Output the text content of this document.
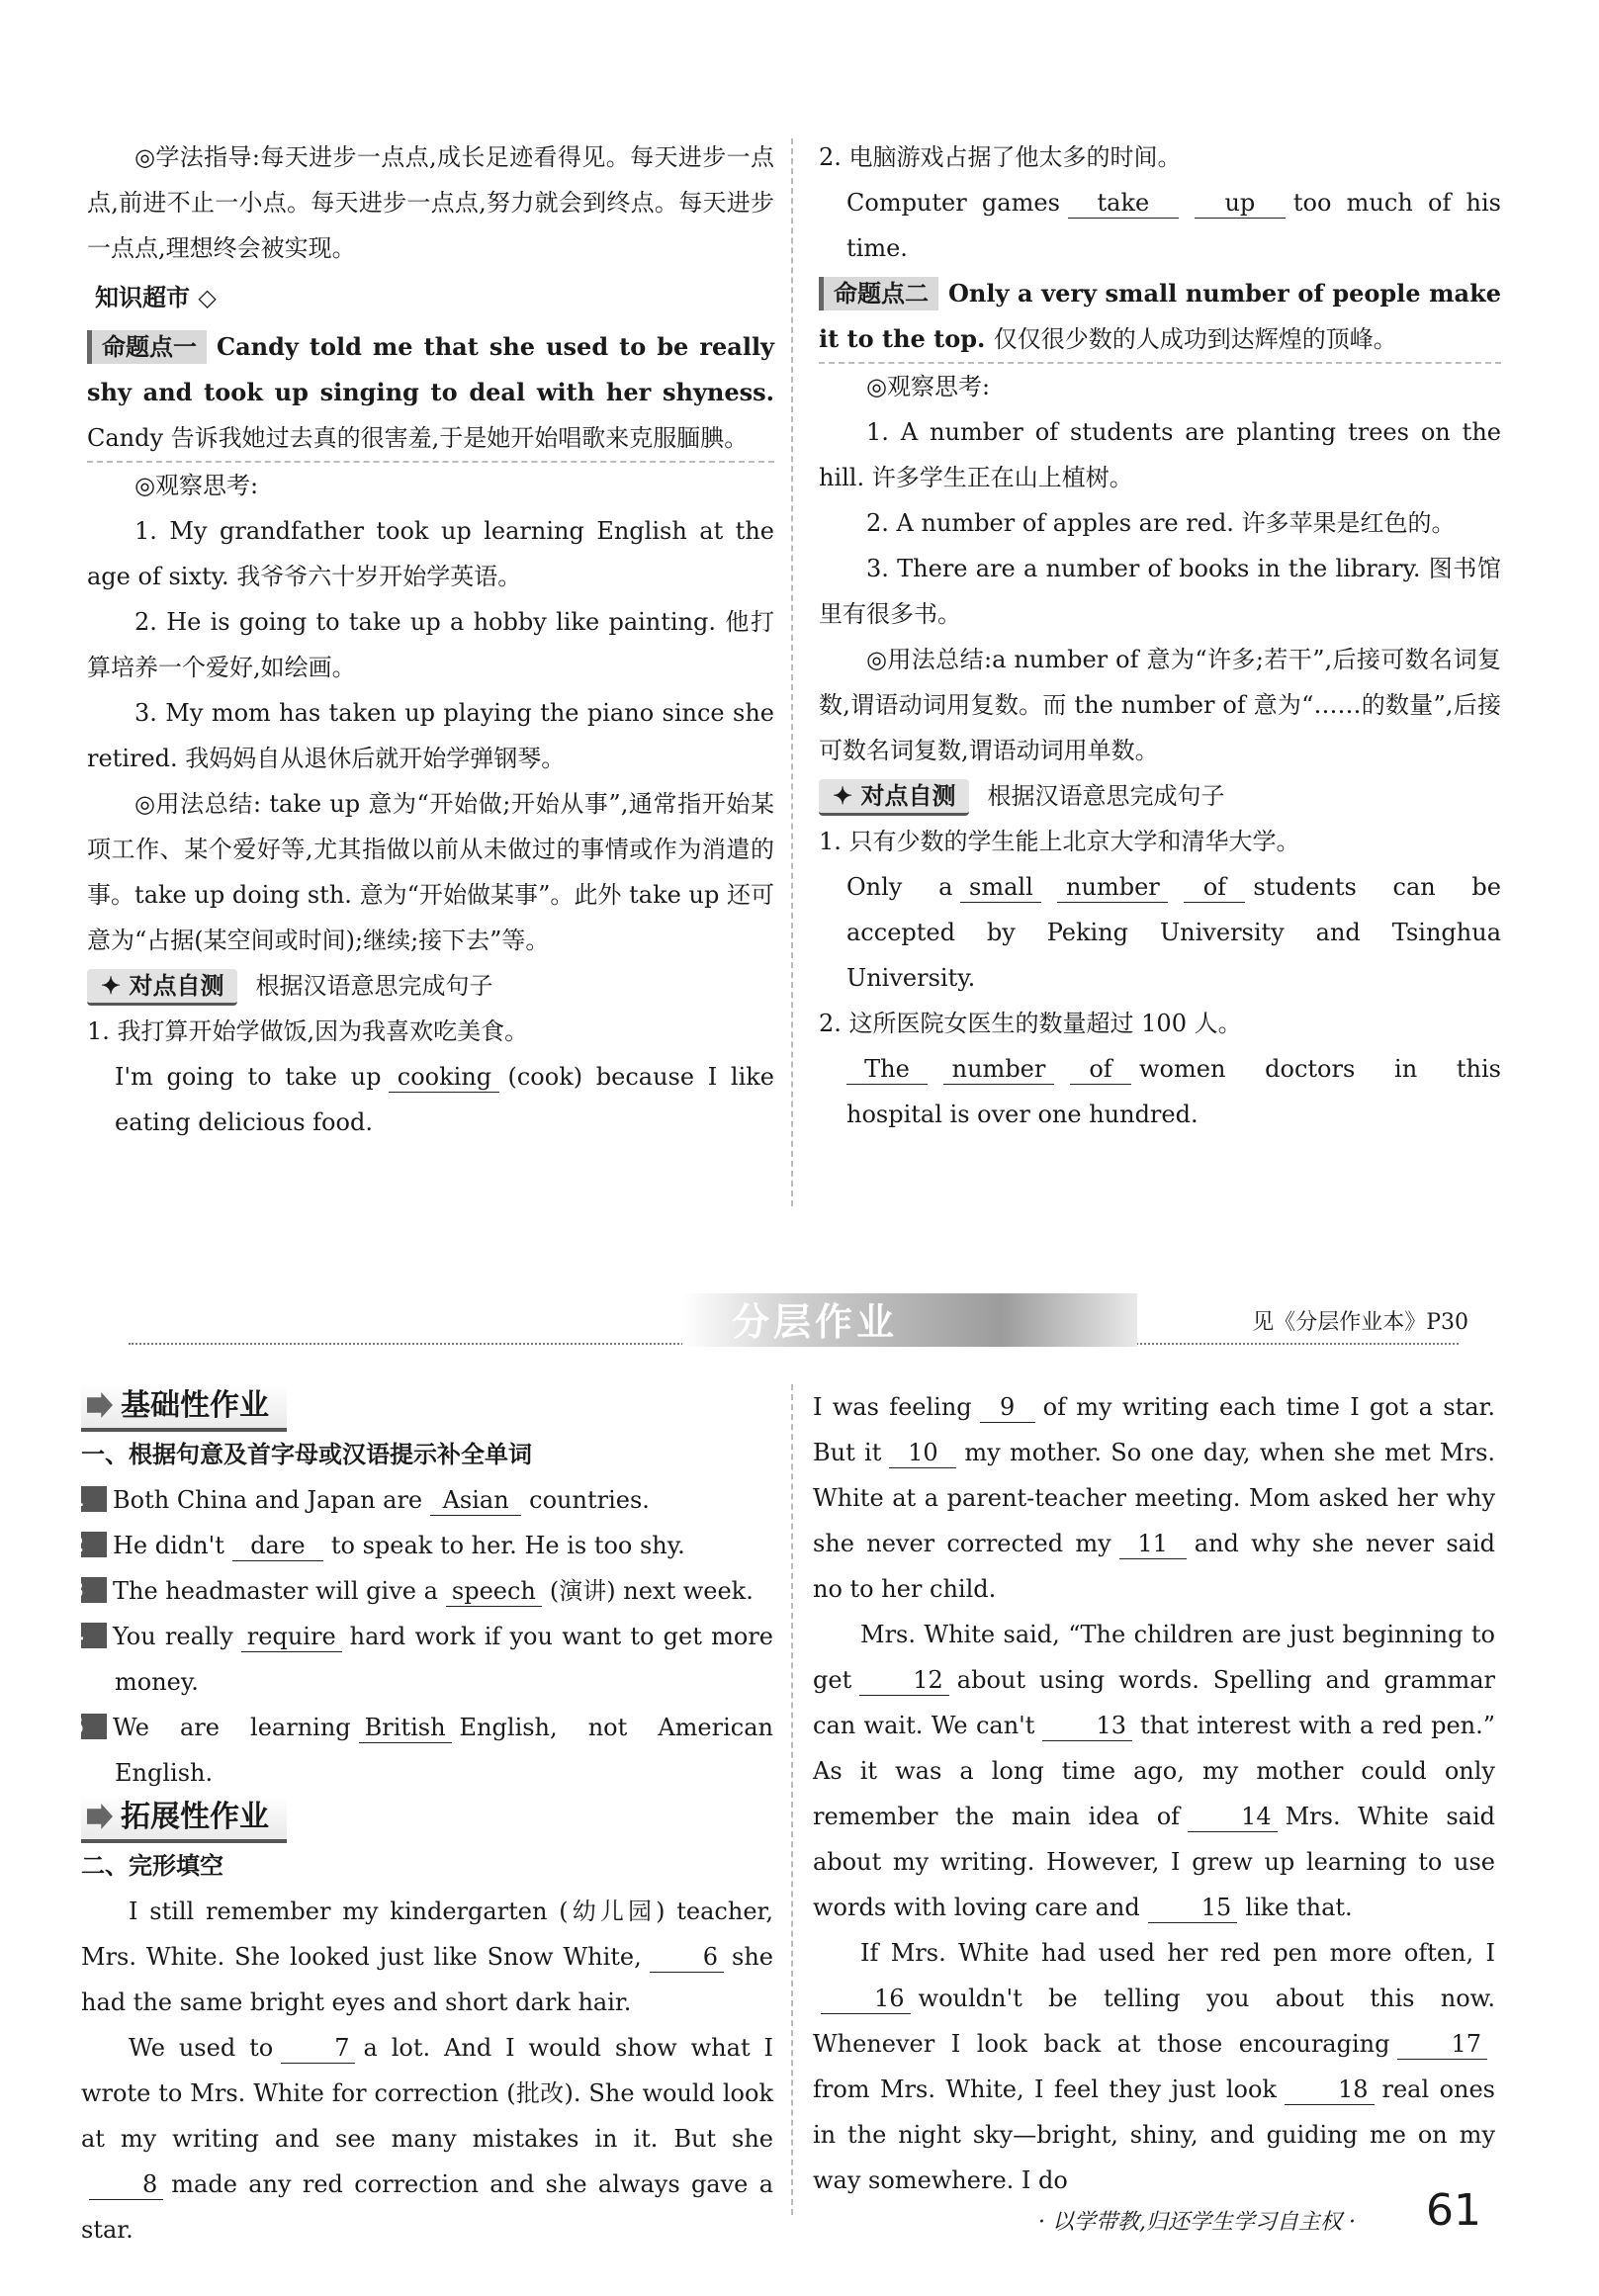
◎学法指导:每天进步一点点,成长足迹看得见。每天进步一点点,前进不止一小点。每天进步一点点,努力就会到终点。每天进步一点点,理想终会被实现。

知识超市 ◇

命题点一 Candy told me that she used to be really shy and took up singing to deal with her shyness. Candy 告诉我她过去真的很害羞,于是她开始唱歌来克服腼腆。

◎观察思考:

1. My grandfather took up learning English at the age of sixty. 我爷爷六十岁开始学英语。

2. He is going to take up a hobby like painting. 他打算培养一个爱好,如绘画。

3. My mom has taken up playing the piano since she retired. 我妈妈自从退休后就开始学弹钢琴。

◎用法总结: take up 意为“开始做;开始从事”,通常指开始某项工作、某个爱好等,尤其指做以前从未做过的事情或作为消遣的事。take up doing sth. 意为“开始做某事”。此外 take up 还可意为“占据(某空间或时间);继续;接下去”等。

✦ 对点自测 根据汉语意思完成句子

1. 我打算开始学做饭,因为我喜欢吃美食。

I'm going to take up cooking (cook) because I like eating delicious food.

2. 电脑游戏占据了他太多的时间。

Computer games take	up too much of his time.

命题点二 Only a very small number of people make it to the top. 仅仅很少数的人成功到达辉煌的顶峰。

◎观察思考:

1. A number of students are planting trees on the hill. 许多学生正在山上植树。

2. A number of apples are red. 许多苹果是红色的。

3. There are a number of books in the library. 图书馆里有很多书。

◎用法总结:a number of 意为“许多;若干”,后接可数名词复数,谓语动词用复数。而 the number of 意为“……的数量”,后接可数名词复数,谓语动词用单数。

✦ 对点自测 根据汉语意思完成句子

1. 只有少数的学生能上北京大学和清华大学。

Only a small number of students can be accepted by Peking University and Tsinghua University.

2. 这所医院女医生的数量超过 100 人。

The number of women doctors in this hospital is over one hundred.

分层作业	见《分层作业本》P30
基础性作业

一、根据句意及首字母或汉语提示补全单词

1 Both China and Japan are Asian countries.

2 He didn't dare to speak to her. He is too shy.

3 The headmaster will give a speech (演讲) next week.

4 You really require hard work if you want to get more money.

5 We are learning British English, not American English.

拓展性作业

二、完形填空

I still remember my kindergarten (幼儿园) teacher, Mrs. White. She looked just like Snow White,	6 she had the same bright eyes and short dark hair.

We used to	7 a lot. And I would show what I wrote to Mrs. White for correction (批改). She would look at my writing and see many mistakes in it. But she8 made any red correction and she always gave a star.

I was feeling 9 of my writing each time I got a star. But it 10 my mother. So one day, when she met Mrs. White at a parent-teacher meeting. Mom asked her why she never corrected my 11 and why she never said no to her child.

Mrs. White said, “The children are just beginning to get	12 about using words. Spelling and grammar can wait. We can't	13 that interest with a red pen.” As it was a long time ago, my mother could only remember the main idea of	14 Mrs. White said about my writing. However, I grew up learning to use words with loving care and	15 like that.

If Mrs. White had used her red pen more often, I16 wouldn't be telling you about this now. Whenever I look back at those encouraging	17from Mrs. White, I feel they just look	18 real ones in the night sky—bright, shiny, and guiding me on my way somewhere. I do

· 以学带教,归还学生学习自主权 · 61
